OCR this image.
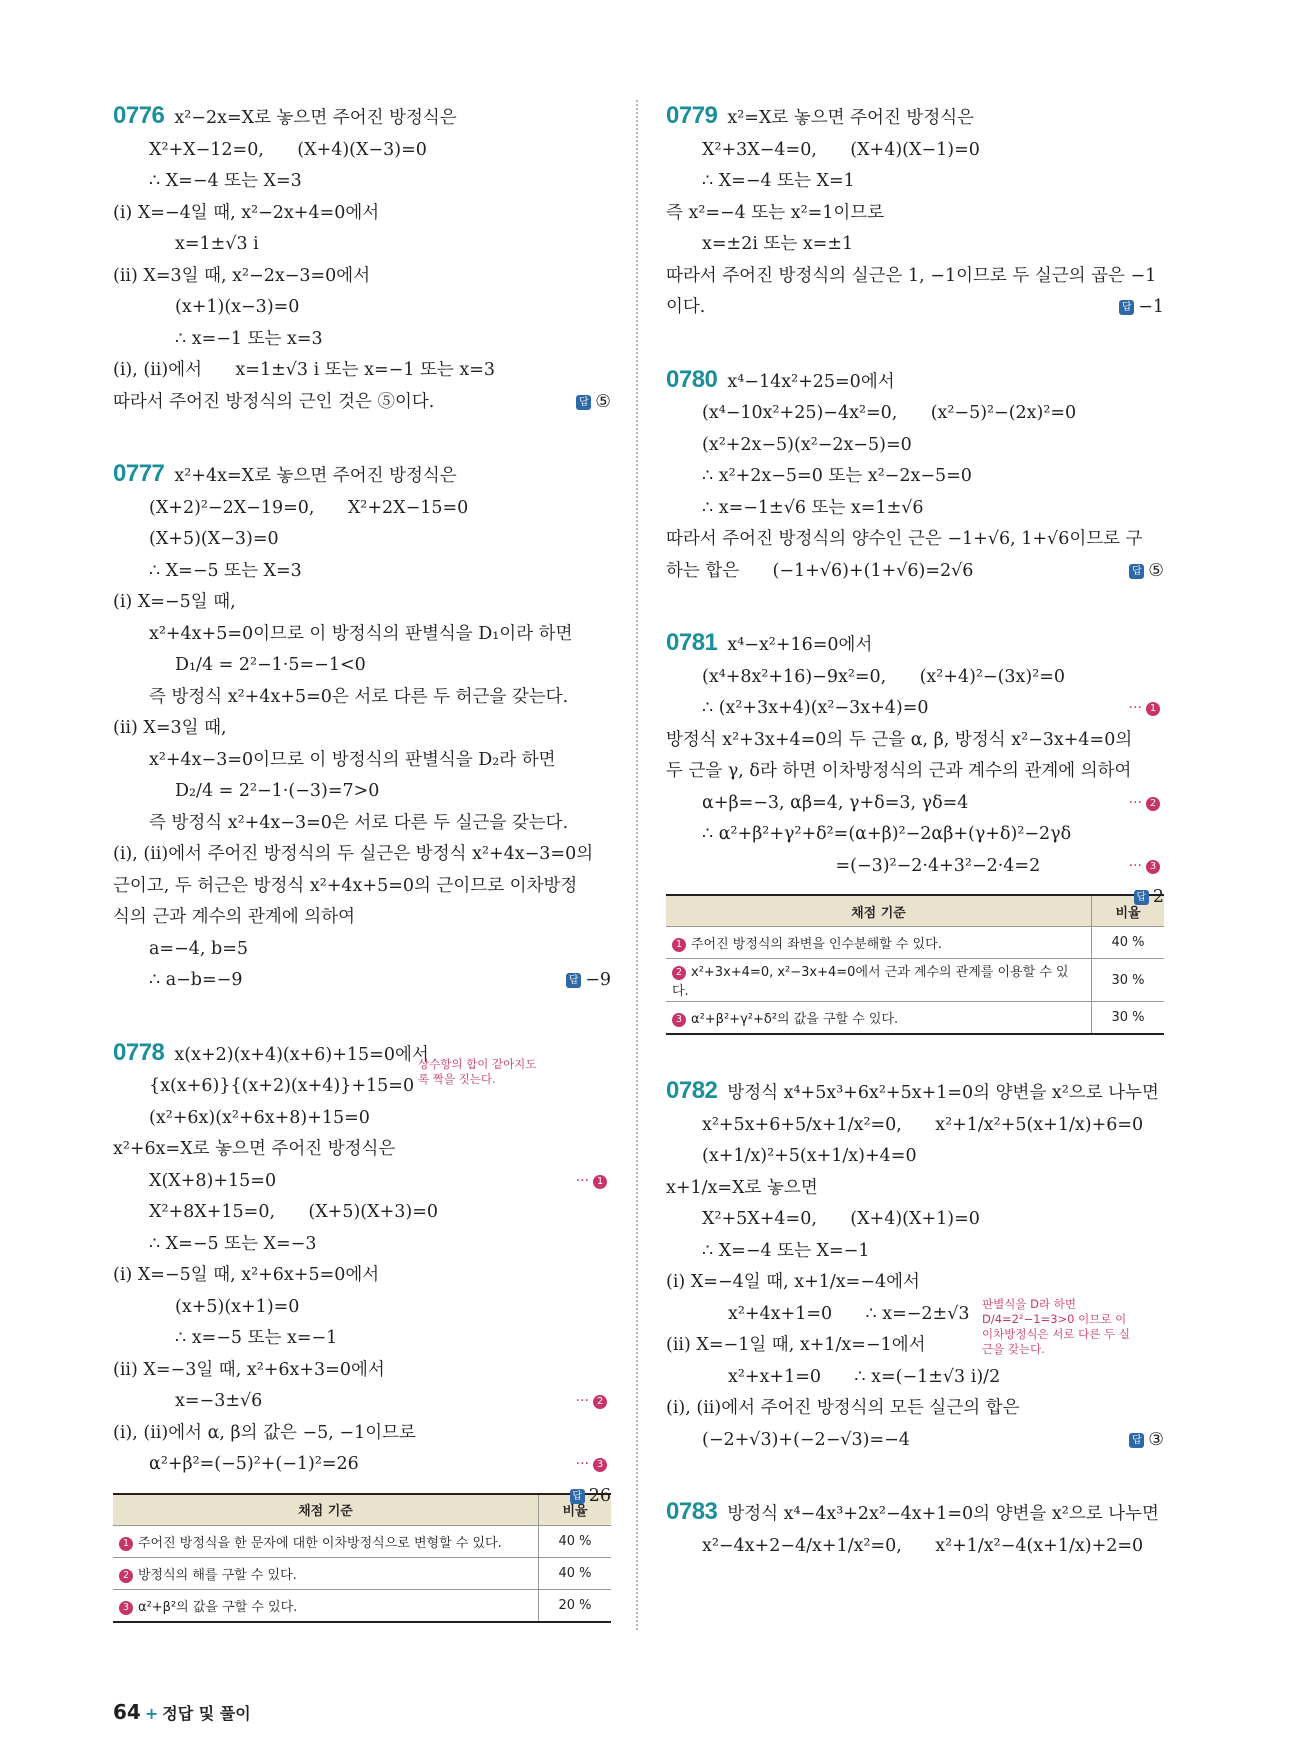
0776 x²−2x=X로 놓으면 주어진 방정식은
X²+X−12=0,      (X+4)(X−3)=0
∴ X=−4 또는 X=3
(i) X=−4일 때, x²−2x+4=0에서
x=1±√3 i
(ii) X=3일 때, x²−2x−3=0에서
(x+1)(x−3)=0
∴ x=−1 또는 x=3
(i), (ii)에서      x=1±√3 i 또는 x=−1 또는 x=3
따라서 주어진 방정식의 근인 것은 ⑤이다.	답 ⑤
0777 x²+4x=X로 놓으면 주어진 방정식은
(X+2)²−2X−19=0,      X²+2X−15=0
(X+5)(X−3)=0
∴ X=−5 또는 X=3
(i) X=−5일 때,
x²+4x+5=0이므로 이 방정식의 판별식을 D₁이라 하면
D₁/4 = 2²−1·5=−1<0
즉 방정식 x²+4x+5=0은 서로 다른 두 허근을 갖는다.
(ii) X=3일 때,
x²+4x−3=0이므로 이 방정식의 판별식을 D₂라 하면
D₂/4 = 2²−1·(−3)=7>0
즉 방정식 x²+4x−3=0은 서로 다른 두 실근을 갖는다.
(i), (ii)에서 주어진 방정식의 두 실근은 방정식 x²+4x−3=0의
근이고, 두 허근은 방정식 x²+4x+5=0의 근이므로 이차방정
식의 근과 계수의 관계에 의하여
a=−4, b=5
∴ a−b=−9	답 −9
0778 x(x+2)(x+4)(x+6)+15=0에서
{x(x+6)}{(x+2)(x+4)}+15=0
(x²+6x)(x²+6x+8)+15=0
x²+6x=X로 놓으면 주어진 방정식은
X(X+8)+15=0	··· 1
X²+8X+15=0,      (X+5)(X+3)=0
∴ X=−5 또는 X=−3
(i) X=−5일 때, x²+6x+5=0에서
(x+5)(x+1)=0
∴ x=−5 또는 x=−1
(ii) X=−3일 때, x²+6x+3=0에서
x=−3±√6	··· 2
(i), (ii)에서 α, β의 값은 −5, −1이므로
α²+β²=(−5)²+(−1)²=26	··· 3
답 26
상수항의 합이 같아지도록 짝을 짓는다.
채점 기준	비율
1 주어진 방정식을 한 문자에 대한 이차방정식으로 변형할 수 있다.	40 %
2 방정식의 해를 구할 수 있다.	40 %
3 α²+β²의 값을 구할 수 있다.	20 %
0779 x²=X로 놓으면 주어진 방정식은
X²+3X−4=0,      (X+4)(X−1)=0
∴ X=−4 또는 X=1
즉 x²=−4 또는 x²=1이므로
x=±2i 또는 x=±1
따라서 주어진 방정식의 실근은 1, −1이므로 두 실근의 곱은 −1
이다.	답 −1
0780 x⁴−14x²+25=0에서
(x⁴−10x²+25)−4x²=0,      (x²−5)²−(2x)²=0
(x²+2x−5)(x²−2x−5)=0
∴ x²+2x−5=0 또는 x²−2x−5=0
∴ x=−1±√6 또는 x=1±√6
따라서 주어진 방정식의 양수인 근은 −1+√6, 1+√6이므로 구
하는 합은      (−1+√6)+(1+√6)=2√6	답 ⑤
0781 x⁴−x²+16=0에서
(x⁴+8x²+16)−9x²=0,      (x²+4)²−(3x)²=0
∴ (x²+3x+4)(x²−3x+4)=0	··· 1
방정식 x²+3x+4=0의 두 근을 α, β, 방정식 x²−3x+4=0의
두 근을 γ, δ라 하면 이차방정식의 근과 계수의 관계에 의하여
α+β=−3, αβ=4, γ+δ=3, γδ=4	··· 2
∴ α²+β²+γ²+δ²=(α+β)²−2αβ+(γ+δ)²−2γδ
=(−3)²−2·4+3²−2·4=2	··· 3
답 2
채점 기준	비율
1 주어진 방정식의 좌변을 인수분해할 수 있다.	40 %
2 x²+3x+4=0, x²−3x+4=0에서 근과 계수의 관계를 이용할 수 있다.	30 %
3 α²+β²+γ²+δ²의 값을 구할 수 있다.	30 %
0782 방정식 x⁴+5x³+6x²+5x+1=0의 양변을 x²으로 나누면
x²+5x+6+5/x+1/x²=0,      x²+1/x²+5(x+1/x)+6=0
(x+1/x)²+5(x+1/x)+4=0
x+1/x=X로 놓으면
X²+5X+4=0,      (X+4)(X+1)=0
∴ X=−4 또는 X=−1
(i) X=−4일 때, x+1/x=−4에서
x²+4x+1=0      ∴ x=−2±√3
(ii) X=−1일 때, x+1/x=−1에서
x²+x+1=0      ∴ x=(−1±√3 i)/2
(i), (ii)에서 주어진 방정식의 모든 실근의 합은
(−2+√3)+(−2−√3)=−4	답 ③
판별식을 D라 하면 D/4=2²−1=3>0 이므로 이 이차방정식은 서로 다른 두 실근을 갖는다.
0783 방정식 x⁴−4x³+2x²−4x+1=0의 양변을 x²으로 나누면
x²−4x+2−4/x+1/x²=0,      x²+1/x²−4(x+1/x)+2=0
64 + 정답 및 풀이
